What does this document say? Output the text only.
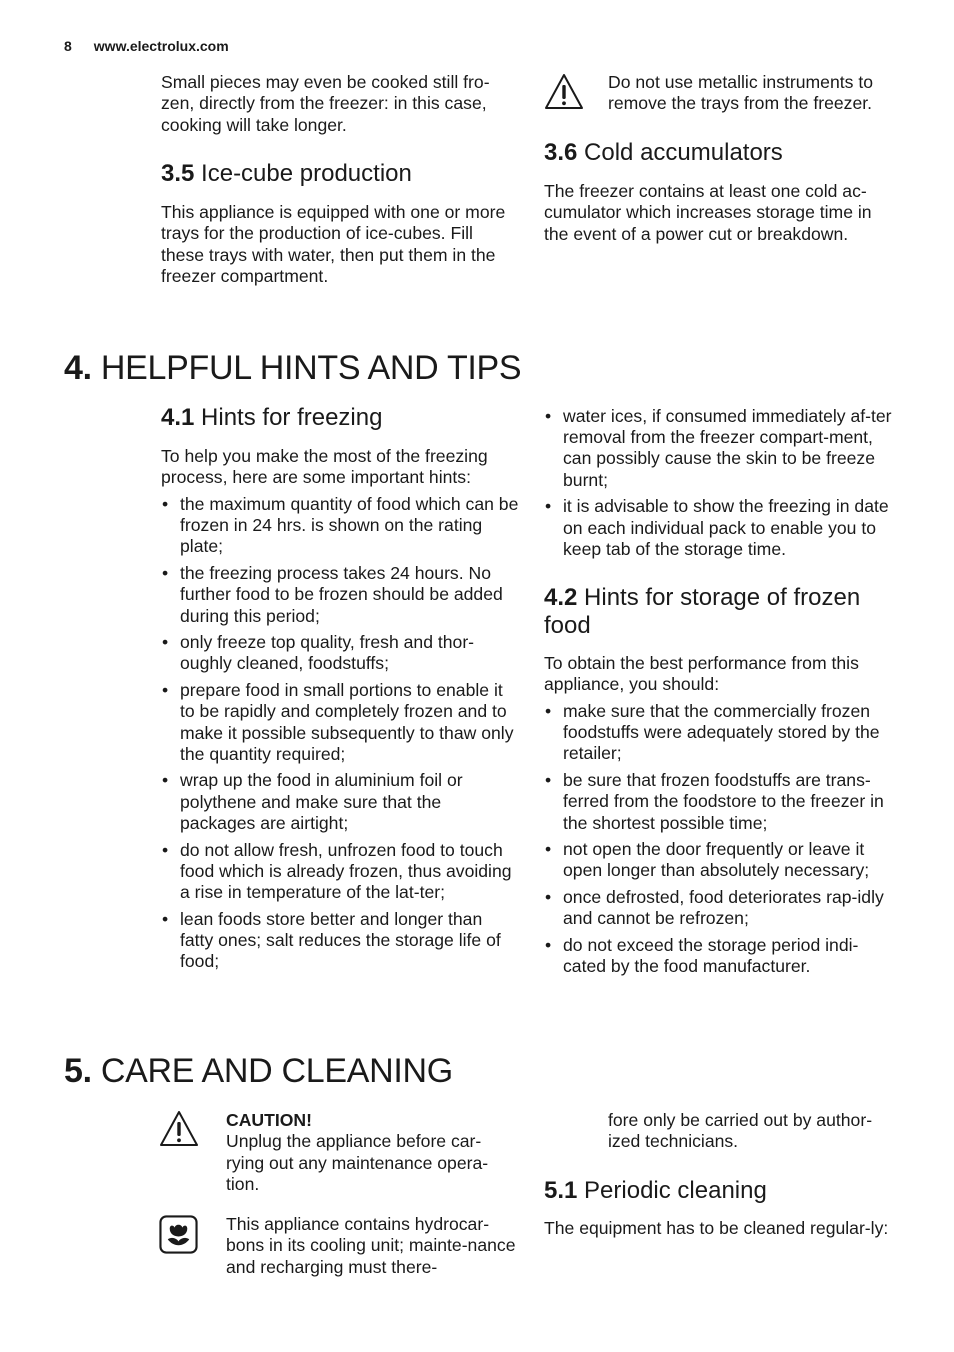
8 www.electrolux.com

Small pieces may even be cooked still fro-zen, directly from the freezer: in this case, cooking will take longer.

3.5 Ice-cube production

This appliance is equipped with one or more trays for the production of ice-cubes. Fill these trays with water, then put them in the freezer compartment.

Do not use metallic instruments to remove the trays from the freezer.

3.6 Cold accumulators

The freezer contains at least one cold ac-cumulator which increases storage time in the event of a power cut or breakdown.

4. HELPFUL HINTS AND TIPS
4.1 Hints for freezing

To help you make the most of the freezing process, here are some important hints:

• the maximum quantity of food which can be frozen in 24 hrs. is shown on the rating plate;
• the freezing process takes 24 hours. No further food to be frozen should be added during this period;
• only freeze top quality, fresh and thor-oughly cleaned, foodstuffs;
• prepare food in small portions to enable it to be rapidly and completely frozen and to make it possible subsequently to thaw only the quantity required;
• wrap up the food in aluminium foil or polythene and make sure that the packages are airtight;
• do not allow fresh, unfrozen food to touch food which is already frozen, thus avoiding a rise in temperature of the lat-ter;
• lean foods store better and longer than fatty ones; salt reduces the storage life of food;
• water ices, if consumed immediately af-ter removal from the freezer compart-ment, can possibly cause the skin to be freeze burnt;
• it is advisable to show the freezing in date on each individual pack to enable you to keep tab of the storage time.
4.2 Hints for storage of frozen food

To obtain the best performance from this appliance, you should:

• make sure that the commercially frozen foodstuffs were adequately stored by the retailer;
• be sure that frozen foodstuffs are trans-ferred from the foodstore to the freezer in the shortest possible time;
• not open the door frequently or leave it open longer than absolutely necessary;
• once defrosted, food deteriorates rap-idly and cannot be refrozen;
• do not exceed the storage period indi-cated by the food manufacturer.
5. CARE AND CLEANING

CAUTION!

Unplug the appliance before car-rying out any maintenance opera-tion.

This appliance contains hydrocar-bons in its cooling unit; mainte-nance and recharging must there-

fore only be carried out by author-ized technicians.

5.1 Periodic cleaning

The equipment has to be cleaned regular-ly:
